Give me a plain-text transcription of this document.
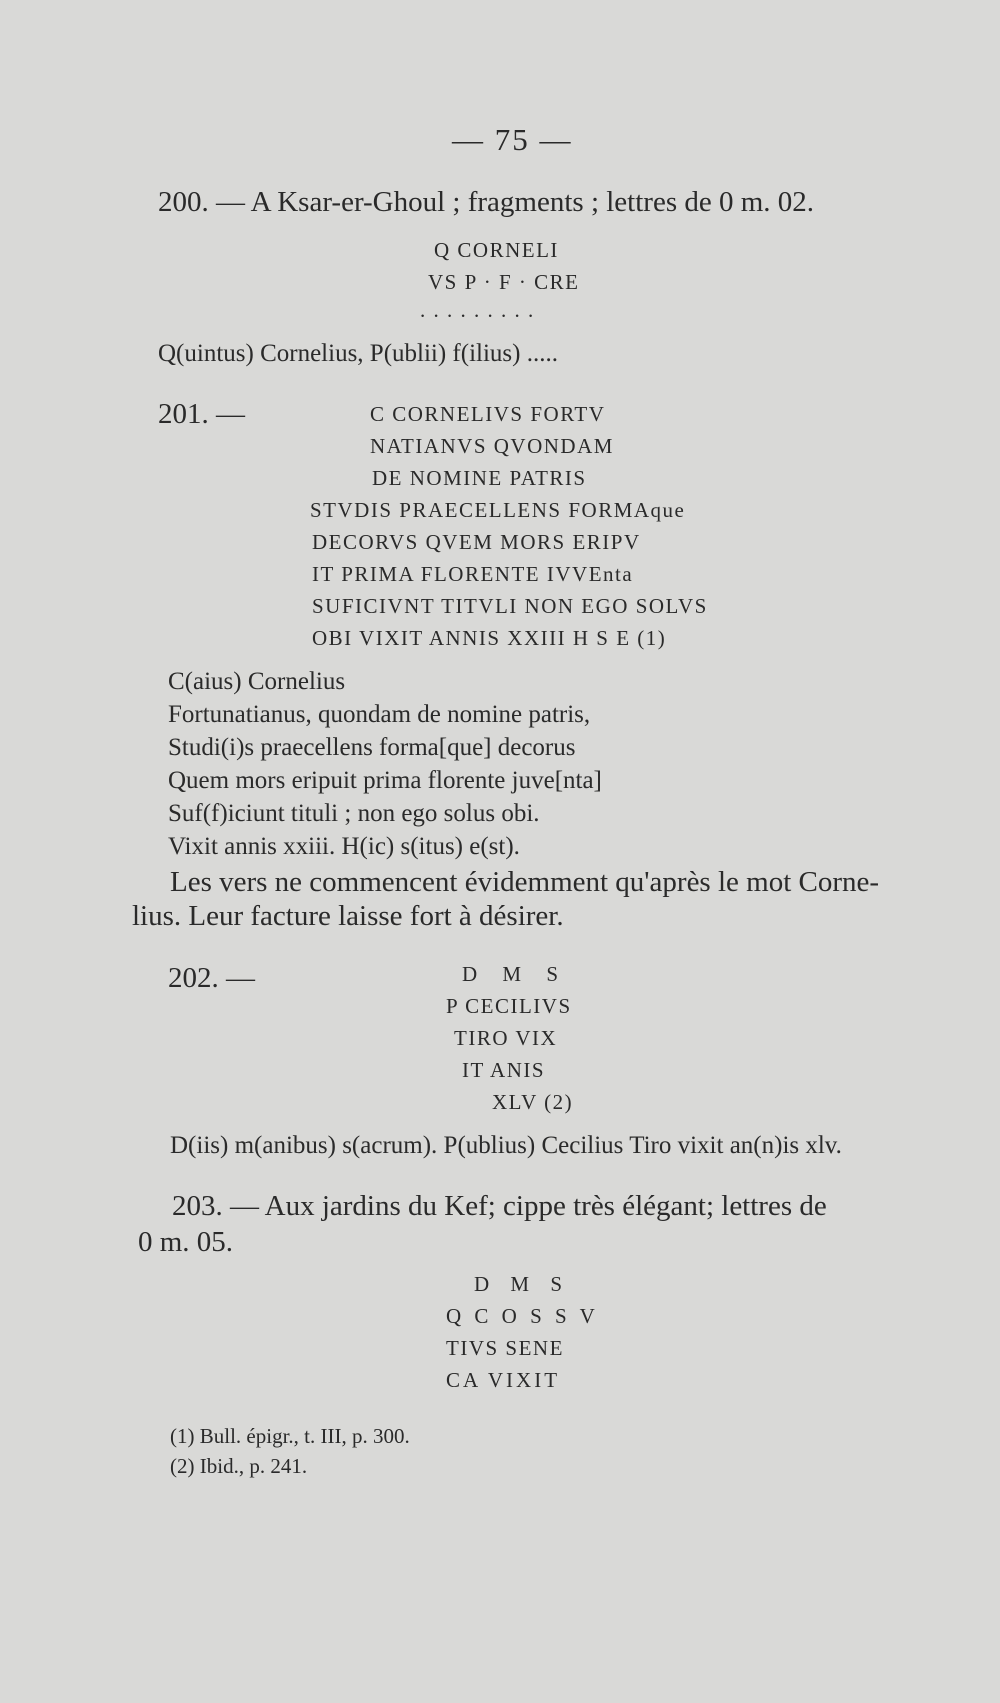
— 75 —
200. — A Ksar-er-Ghoul ; fragments ; lettres de 0 m. 02.
Q CORNELI
VS P · F · CRE
. . . . . . . . .
Q(uintus) Cornelius, P(ublii) f(ilius) .....
201. —	C CORNELIVS FORTV
NATIANVS QVONDAM
DE NOMINE PATRIS
STVDIS PRAECELLENS FORMAque
DECORVS QVEM MORS ERIPV
IT PRIMA FLORENTE IVVEnta
SUFICIVNT TITVLI NON EGO SOLVS
OBI VIXIT ANNIS XXIII H S E (1)
C(aius) Cornelius
Fortunatianus, quondam de nomine patris,
Studi(i)s praecellens forma[que] decorus
Quem mors eripuit prima florente juve[nta]
Suf(f)iciunt tituli ; non ego solus obi.
Vixit annis xxiii. H(ic) s(itus) e(st).
Les vers ne commencent évidemment qu'après le mot Corne-
lius. Leur facture laisse fort à désirer.
202. —	D M S
P CECILIVS
TIRO VIX
IT ANIS
XLV (2)
D(iis) m(anibus) s(acrum). P(ublius) Cecilius Tiro vixit an(n)is xlv.
203. — Aux jardins du Kef; cippe très élégant; lettres de
0 m. 05.
D M S
Q C O S S V
TIVS SENE
CA VIXIT
(1) Bull. épigr., t. III, p. 300.
(2) Ibid., p. 241.
